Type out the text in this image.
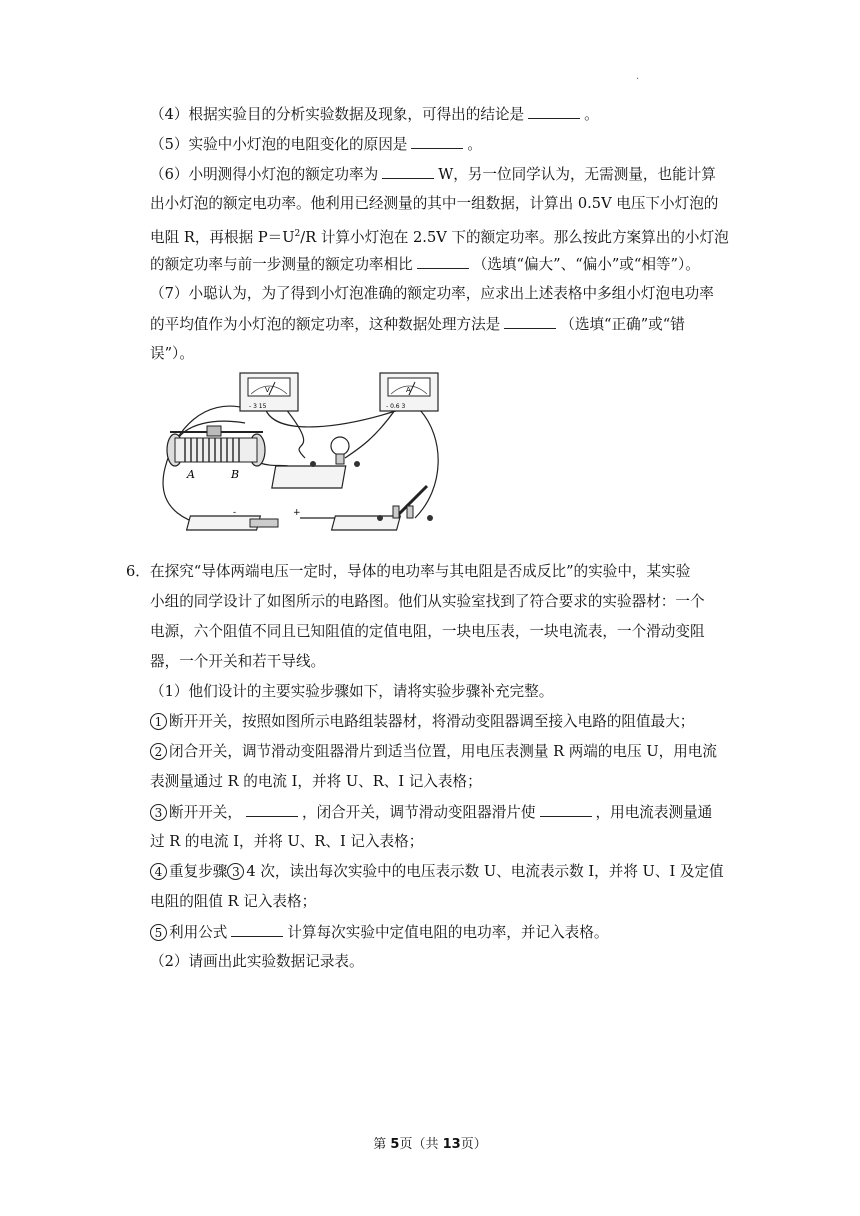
·
（4）根据实验目的分析实验数据及现象，可得出的结论是	。
（5）实验中小灯泡的电阻变化的原因是	。
（6）小明测得小灯泡的额定功率为	W，另一位同学认为，无需测量，也能计算
出小灯泡的额定电功率。他利用已经测量的其中一组数据，计算出 0.5V 电压下小灯泡的
电阻 R，再根据 $P=U^2/R$ 计算小灯泡在 2.5V 下的额定功率。那么按此方案算出的小灯泡
的额定功率与前一步测量的额定功率相比	（选填“偏大”、“偏小”或“相等”）。
（7）小聪认为，为了得到小灯泡准确的额定功率，应求出上述表格中多组小灯泡电功率
的平均值作为小灯泡的额定功率，这种数据处理方法是	（选填“正确”或“错
误”）。
V
- 3 15
A
- 0.6 3
A	B
-	+
6． 在探究“导体两端电压一定时，导体的电功率与其电阻是否成反比”的实验中，某实验
小组的同学设计了如图所示的电路图。他们从实验室找到了符合要求的实验器材：一个
电源，六个阻值不同且已知阻值的定值电阻，一块电压表，一块电流表，一个滑动变阻
器，一个开关和若干导线。
（1）他们设计的主要实验步骤如下，请将实验步骤补充完整。
1 断开开关，按照如图所示电路组装器材，将滑动变阻器调至接入电路的阻值最大；
2 闭合开关，调节滑动变阻器滑片到适当位置，用电压表测量 R 两端的电压 U，用电流
表测量通过 R 的电流 I，并将 U、R、I 记入表格；
3 断开开关，	，闭合开关，调节滑动变阻器滑片使	，用电流表测量通
过 R 的电流 I，并将 U、R、I 记入表格；
4 重复步骤 3 4 次，读出每次实验中的电压表示数 U、电流表示数 I，并将 U、I 及定值
电阻的阻值 R 记入表格；
5 利用公式	计算每次实验中定值电阻的电功率，并记入表格。
（2）请画出此实验数据记录表。
第 5页（共 13页）
